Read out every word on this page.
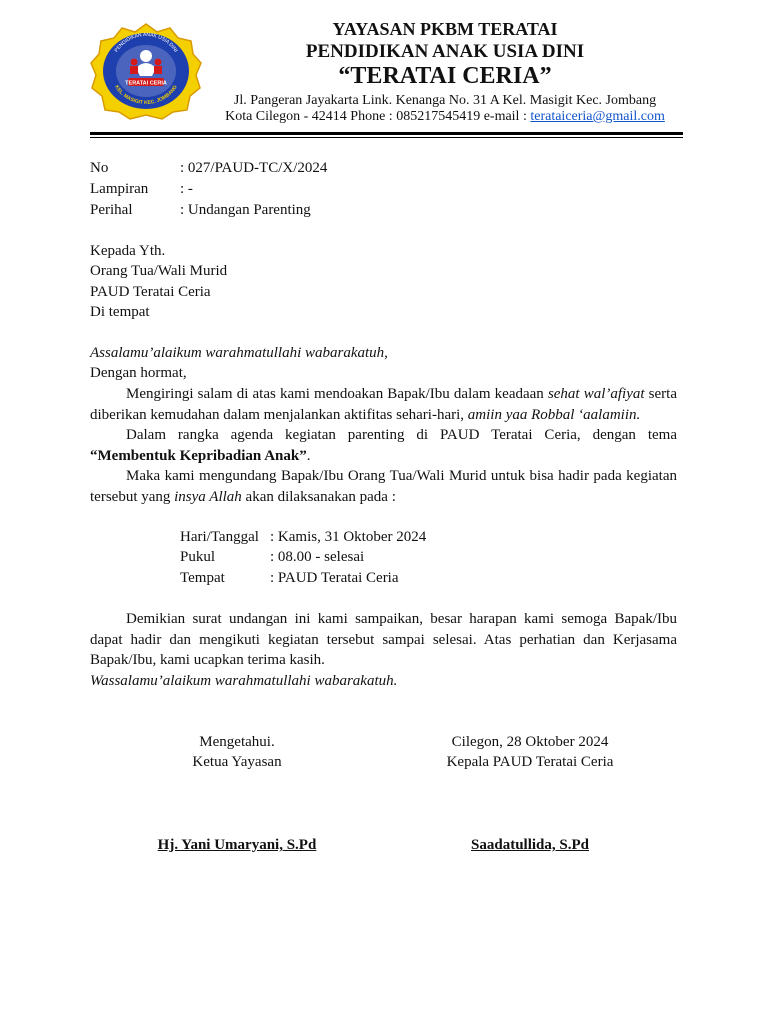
TERATAI CERIA
PENDIDIKAN ANAK USIA DINI
KEL. MASIGIT KEC. JOMBANG
YAYASAN PKBM TERATAI
PENDIDIKAN ANAK USIA DINI
“TERATAI CERIA”
Jl. Pangeran Jayakarta Link. Kenanga No. 31 A Kel. Masigit Kec. Jombang
Kota Cilegon - 42414 Phone : 085217545419 e-mail : terataiceria@gmail.com
No	: 027/PAUD-TC/X/2024
Lampiran : -
Perihal	: Undangan Parenting
Kepada Yth.
Orang Tua/Wali Murid
PAUD Teratai Ceria
Di tempat
Assalamu’alaikum warahmatullahi wabarakatuh,
Dengan hormat,

Mengiringi salam di atas kami mendoakan Bapak/Ibu dalam keadaan sehat wal’afiyat serta diberikan kemudahan dalam menjalankan aktifitas sehari-hari, amiin yaa Robbal ‘aalamiin.

Dalam rangka agenda kegiatan parenting di PAUD Teratai Ceria, dengan tema “Membentuk Kepribadian Anak”.

Maka kami mengundang Bapak/Ibu Orang Tua/Wali Murid untuk bisa hadir pada kegiatan tersebut yang insya Allah akan dilaksanakan pada :

Hari/Tanggal : Kamis, 31 Oktober 2024
Pukul	: 08.00 - selesai
Tempat	: PAUD Teratai Ceria

Demikian surat undangan ini kami sampaikan, besar harapan kami semoga Bapak/Ibu dapat hadir dan mengikuti kegiatan tersebut sampai selesai. Atas perhatian dan Kerjasama Bapak/Ibu, kami ucapkan terima kasih.

Wassalamu’alaikum warahmatullahi wabarakatuh.

Mengetahui.
Ketua Yayasan
Hj. Yani Umaryani, S.Pd
Cilegon, 28 Oktober 2024
Kepala PAUD Teratai Ceria
Saadatullida, S.Pd
